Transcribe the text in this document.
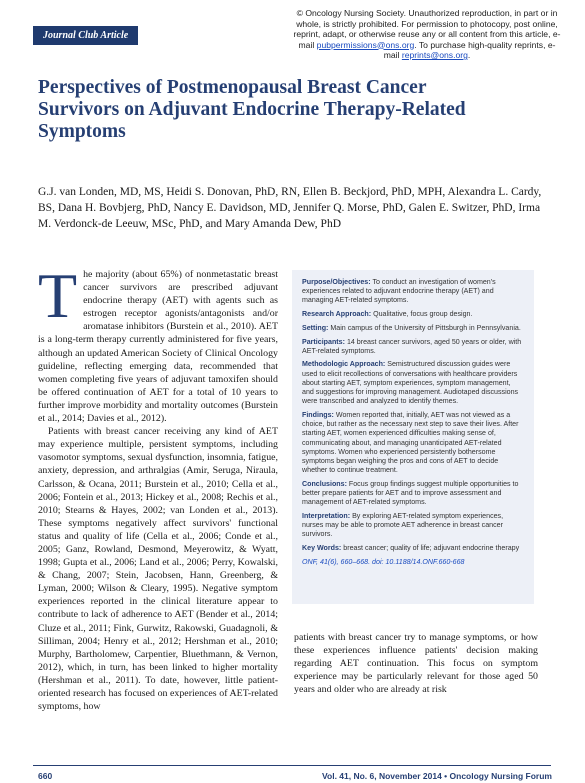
Journal Club Article
© Oncology Nursing Society. Unauthorized reproduction, in part or in whole, is strictly prohibited. For permission to photocopy, post online, reprint, adapt, or otherwise reuse any or all content from this article, e-mail pubpermissions@ons.org. To purchase high-quality reprints, e-mail reprints@ons.org.
Perspectives of Postmenopausal Breast Cancer Survivors on Adjuvant Endocrine Therapy-Related Symptoms
G.J. van Londen, MD, MS, Heidi S. Donovan, PhD, RN, Ellen B. Beckjord, PhD, MPH, Alexandra L. Cardy, BS, Dana H. Bovbjerg, PhD, Nancy E. Davidson, MD, Jennifer Q. Morse, PhD, Galen E. Switzer, PhD, Irma M. Verdonck-de Leeuw, MSc, PhD, and Mary Amanda Dew, PhD

The majority (about 65%) of nonmetastatic breast cancer survivors are prescribed adjuvant endocrine therapy (AET) with agents such as estrogen receptor agonists/antagonists and/or aromatase inhibitors (Burstein et al., 2010). AET is a long-term therapy currently administered for five years, although an updated American Society of Clinical Oncology guideline, reflecting emerging data, recommended that women completing five years of adjuvant tamoxifen should be offered continuation of AET for a total of 10 years to further improve morbidity and mortality outcomes (Burstein et al., 2014; Davies et al., 2012).

Patients with breast cancer receiving any kind of AET may experience multiple, persistent symptoms, including vasomotor symptoms, sexual dysfunction, insomnia, fatigue, anxiety, depression, and arthralgias (Amir, Seruga, Niraula, Carlsson, & Ocana, 2011; Burstein et al., 2010; Cella et al., 2006; Fontein et al., 2013; Hickey et al., 2008; Rechis et al., 2010; Stearns & Hayes, 2002; van Londen et al., 2013). These symptoms negatively affect survivors' functional status and quality of life (Cella et al., 2006; Conde et al., 2005; Ganz, Rowland, Desmond, Meyerowitz, & Wyatt, 1998; Gupta et al., 2006; Land et al., 2006; Perry, Kowalski, & Chang, 2007; Stein, Jacobsen, Hann, Greenberg, & Lyman, 2000; Wilson & Cleary, 1995). Negative symptom experiences reported in the clinical literature appear to contribute to lack of adherence to AET (Bender et al., 2014; Cluze et al., 2011; Fink, Gurwitz, Rakowski, Guadagnoli, & Silliman, 2004; Henry et al., 2012; Hershman et al., 2010; Murphy, Bartholomew, Carpentier, Bluethmann, & Vernon, 2012), which, in turn, has been linked to higher mortality (Hershman et al., 2011). To date, however, little patient-oriented research has focused on experiences of AET-related symptoms, how

Purpose/Objectives: To conduct an investigation of women's experiences related to adjuvant endocrine therapy (AET) and managing AET-related symptoms.

Research Approach: Qualitative, focus group design.

Setting: Main campus of the University of Pittsburgh in Pennsylvania.

Participants: 14 breast cancer survivors, aged 50 years or older, with AET-related symptoms.

Methodologic Approach: Semistructured discussion guides were used to elicit recollections of conversations with healthcare providers about starting AET, symptom experiences, symptom management, and suggestions for improving management. Audiotaped discussions were transcribed and analyzed to identify themes.

Findings: Women reported that, initially, AET was not viewed as a choice, but rather as the necessary next step to save their lives. After starting AET, women experienced difficulties making sense of, communicating about, and managing unanticipated AET-related symptoms. Women who experienced persistently bothersome symptoms began weighing the pros and cons of AET to decide whether to continue treatment.

Conclusions: Focus group findings suggest multiple opportunities to better prepare patients for AET and to improve assessment and management of AET-related symptoms.

Interpretation: By exploring AET-related symptom experiences, nurses may be able to promote AET adherence in breast cancer survivors.

Key Words: breast cancer; quality of life; adjuvant endocrine therapy

ONF, 41(6), 660–668. doi: 10.1188/14.ONF.660-668

patients with breast cancer try to manage symptoms, or how these experiences influence patients' decision making regarding AET continuation. This focus on symptom experience may be particularly relevant for those aged 50 years and older who are already at risk

660	Vol. 41, No. 6, November 2014 • Oncology Nursing Forum
